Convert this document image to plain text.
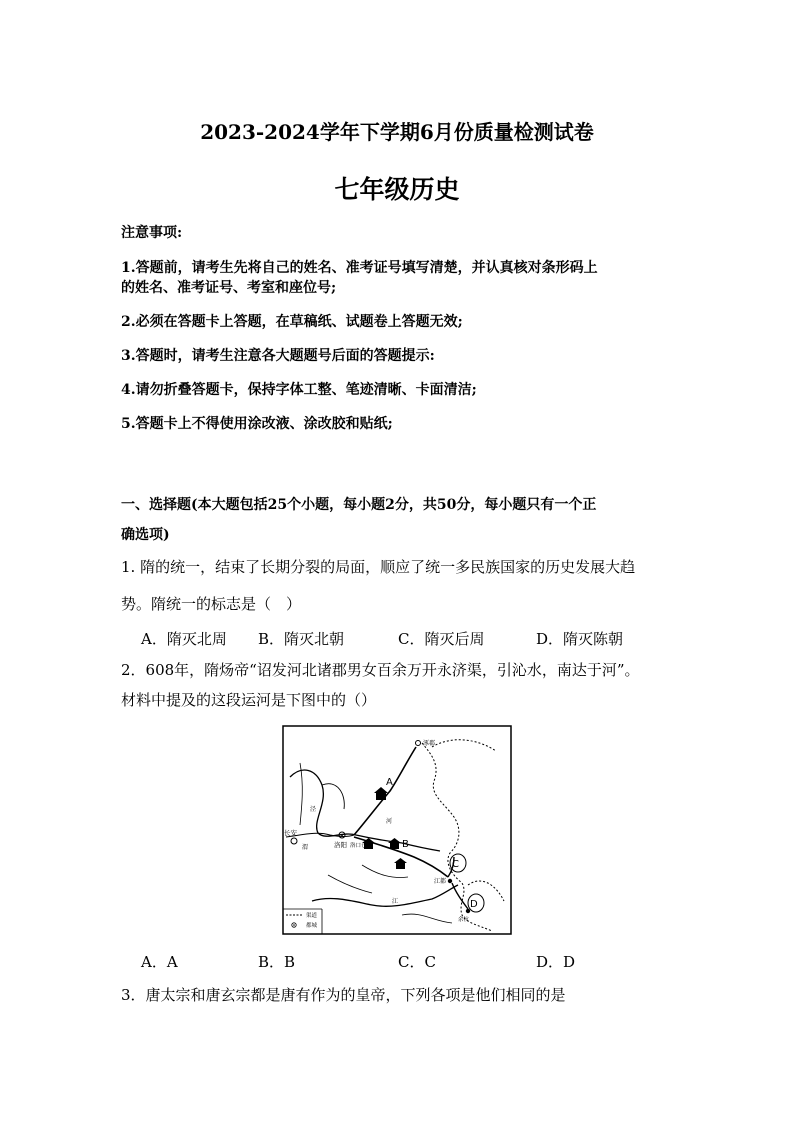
2023-2024学年下学期6月份质量检测试卷
七年级历史
注意事项:
1.答题前，请考生先将自己的姓名、准考证号填写清楚，并认真核对条形码上
的姓名、准考证号、考室和座位号;
2.必须在答题卡上答题，在草稿纸、试题卷上答题无效;
3.答题时，请考生注意各大题题号后面的答题提示:
4.请勿折叠答题卡，保持字体工整、笔迹清晰、卡面清洁;
5.答题卡上不得使用涂改液、涂改胶和贴纸;
一、选择题(本大题包括25个小题，每小题2分，共50分，每小题只有一个正
确选项)
1. 隋的统一，结束了长期分裂的局面，顺应了统一多民族国家的历史发展大趋
势。隋统一的标志是（　）
A．隋灭北周 B．隋灭北朝	C．隋灭后周	D．隋灭陈朝
2．608年，隋炀帝“诏发河北诸郡男女百余万开永济渠，引沁水，南达于河”。
材料中提及的这段运河是下图中的（）
涿郡
长安
洛阳 洛口仓
江都
余杭
河
江
泾
渭
A
B
C
D
渠道
都城
A．A	B．B	C．C	D．D
3．唐太宗和唐玄宗都是唐有作为的皇帝，下列各项是他们相同的是
